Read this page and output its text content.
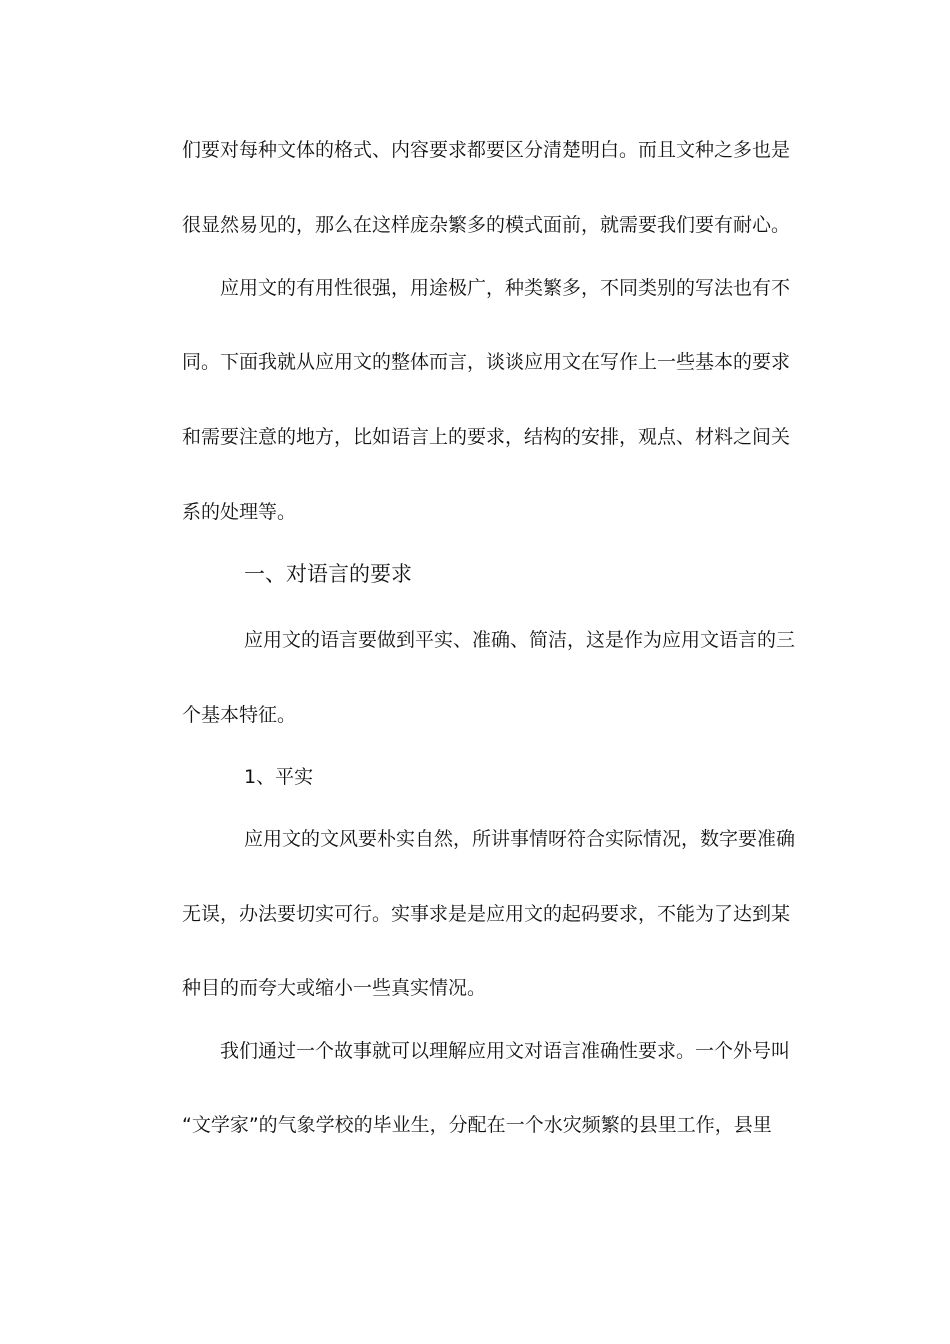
们要对每种文体的格式、内容要求都要区分清楚明白。而且文种之多也是
很显然易见的，那么在这样庞杂繁多的模式面前，就需要我们要有耐心。
应用文的有用性很强，用途极广，种类繁多，不同类别的写法也有不
同。下面我就从应用文的整体而言，谈谈应用文在写作上一些基本的要求
和需要注意的地方，比如语言上的要求，结构的安排，观点、材料之间关
系的处理等。
一、对语言的要求
应用文的语言要做到平实、准确、简洁，这是作为应用文语言的三
个基本特征。
1、平实
应用文的文风要朴实自然，所讲事情呀符合实际情况，数字要准确
无误，办法要切实可行。实事求是是应用文的起码要求，不能为了达到某
种目的而夸大或缩小一些真实情况。
我们通过一个故事就可以理解应用文对语言准确性要求。一个外号叫
“文学家”的气象学校的毕业生，分配在一个水灾频繁的县里工作，县里
